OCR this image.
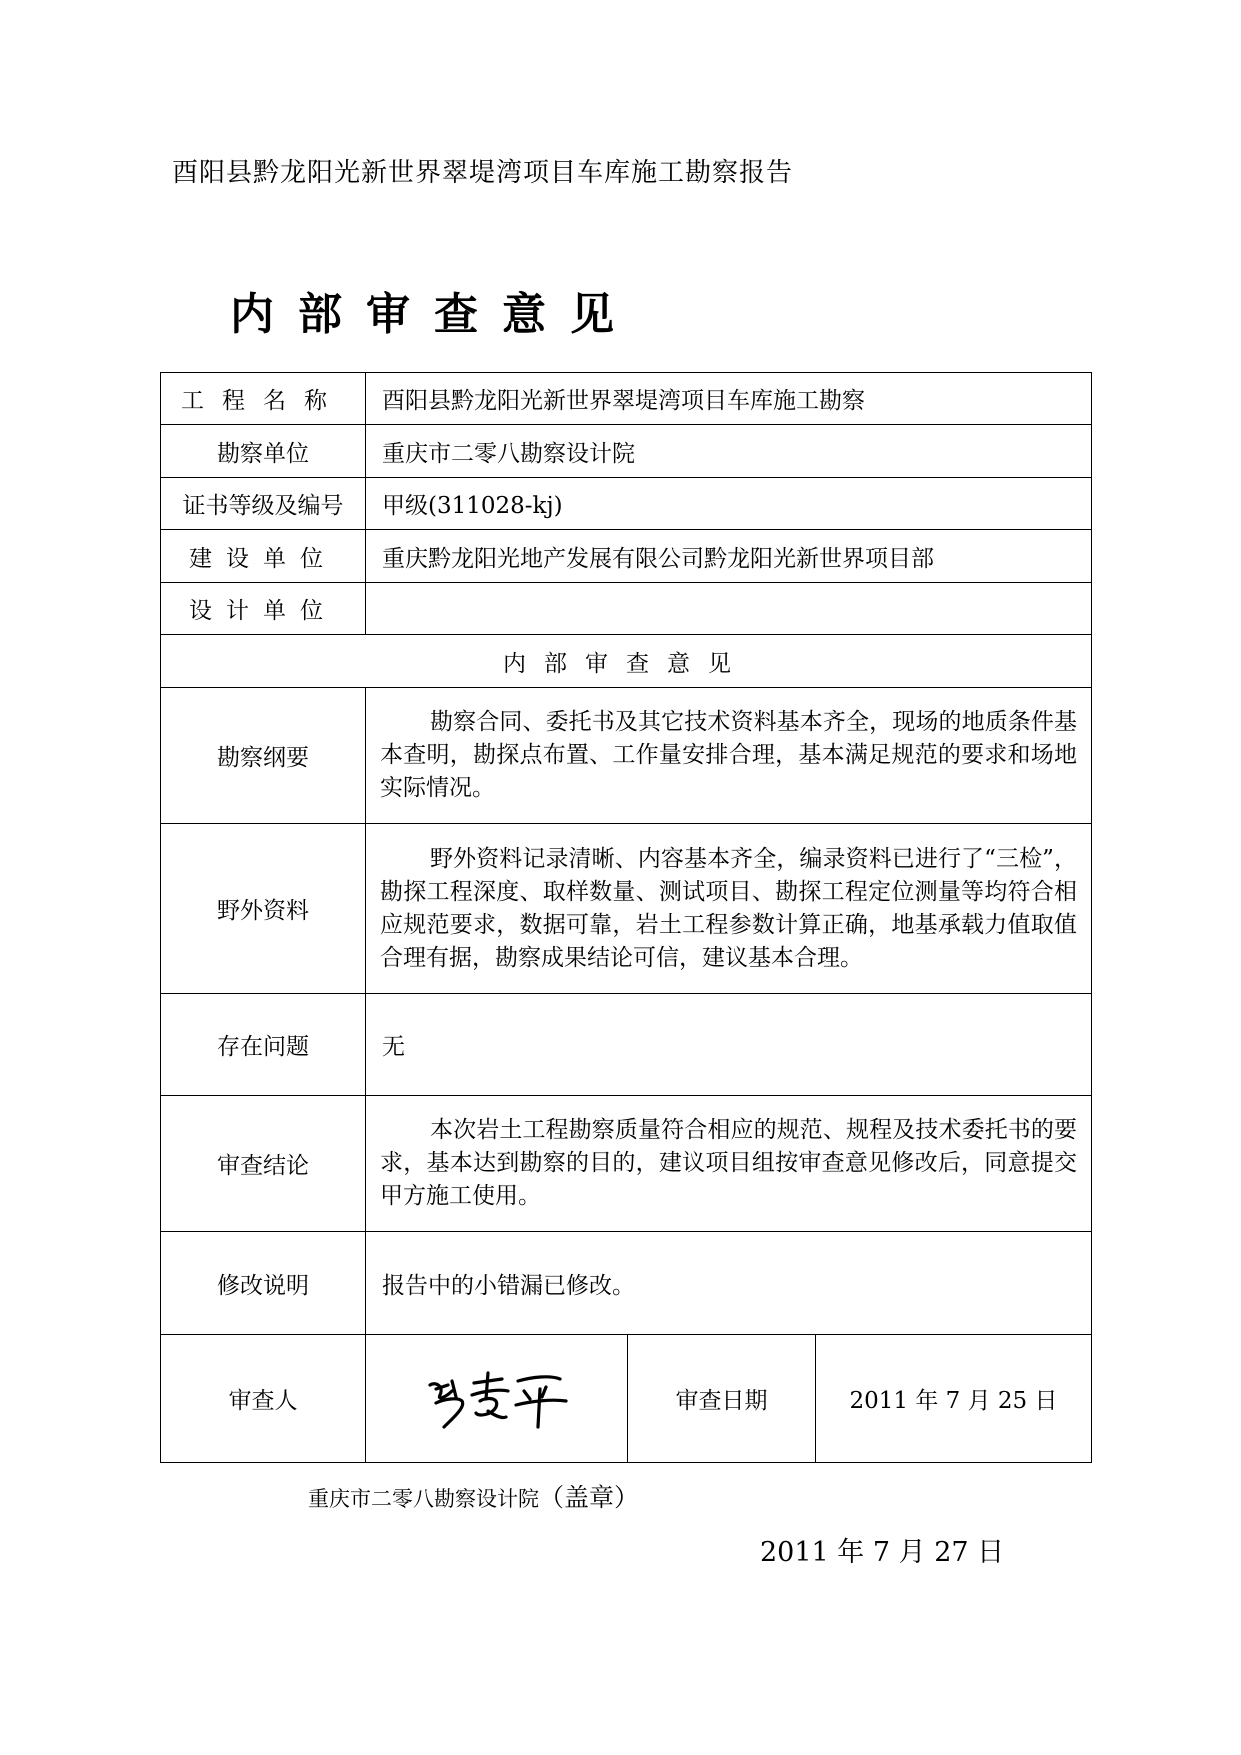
酉阳县黔龙阳光新世界翠堤湾项目车库施工勘察报告
内部审查意见
工程名称	酉阳县黔龙阳光新世界翠堤湾项目车库施工勘察		
勘察单位	重庆市二零八勘察设计院		
证书等级及编号	甲级(311028-kj)		
建设单位	重庆黔龙阳光地产发展有限公司黔龙阳光新世界项目部		
设计单位			
内部审查意见			
勘察纲要	勘察合同、委托书及其它技术资料基本齐全，现场的地质条件基本查明，勘探点布置、工作量安排合理，基本满足规范的要求和场地实际情况。		
野外资料	野外资料记录清晰、内容基本齐全，编录资料已进行了“三检”，勘探工程深度、取样数量、测试项目、勘探工程定位测量等均符合相应规范要求，数据可靠，岩土工程参数计算正确，地基承载力值取值合理有据，勘察成果结论可信，建议基本合理。		
存在问题	无		
审查结论	本次岩土工程勘察质量符合相应的规范、规程及技术委托书的要求，基本达到勘察的目的，建议项目组按审查意见修改后，同意提交甲方施工使用。		
修改说明	报告中的小错漏已修改。		
审查人		审查日期	2011 年 7 月 25 日
重庆市二零八勘察设计院（盖章）
2011 年 7 月 27 日
